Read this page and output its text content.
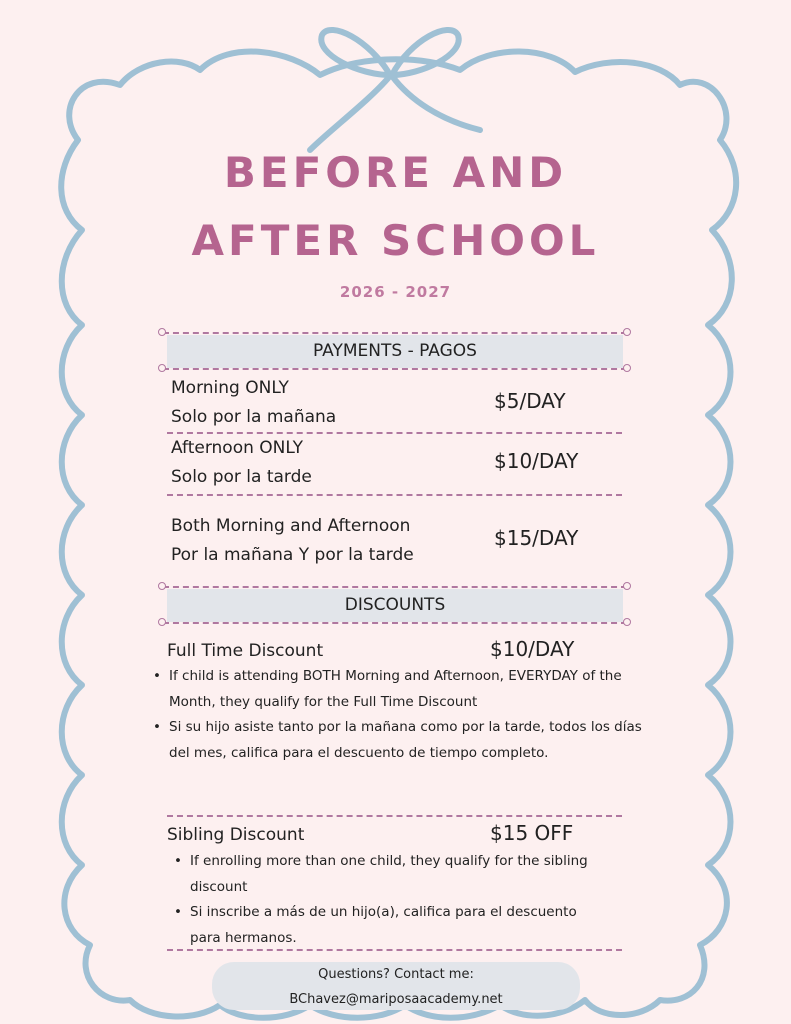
BEFORE AND
AFTER SCHOOL
2026 - 2027
PAYMENTS - PAGOS
Morning ONLY
Solo por la mañana
$5/DAY
Afternoon ONLY
Solo por la tarde
$10/DAY
Both Morning and Afternoon
Por la mañana Y por la tarde
$15/DAY
DISCOUNTS
Full Time Discount	$10/DAY
• If child is attending BOTH Morning and Afternoon, EVERYDAY of the Month, they qualify for the Full Time Discount
• Si su hijo asiste tanto por la mañana como por la tarde, todos los días del mes, califica para el descuento de tiempo completo.
Sibling Discount	$15 OFF
• If enrolling more than one child, they qualify for the sibling discount
• Si inscribe a más de un hijo(a), califica para el descuento para hermanos.
Questions? Contact me:
BChavez@mariposaacademy.net
